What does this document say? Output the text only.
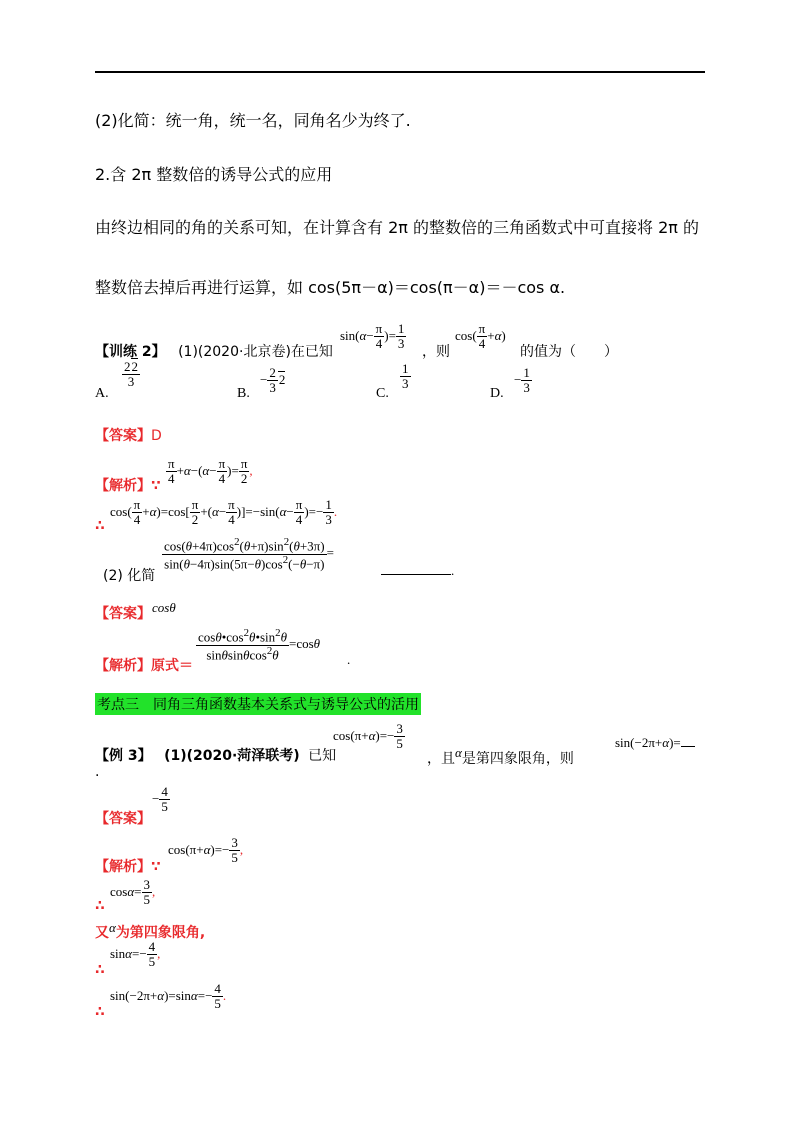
(2)化简：统一角，统一名，同角名少为终了.
2.含 2π 整数倍的诱导公式的应用
由终边相同的角的关系可知，在计算含有 2π 的整数倍的三角函数式中可直接将 2π 的
整数倍去掉后再进行运算，如 cos(5π－α)＝cos(π－α)＝－cos α.
【训练 2】 (1)(2020·北京卷)在已知
$\sin(\alpha- \frac{\pi}{4}$ )= $\frac{1}{3}$
，则
$\cos( \frac{\pi}{4} +\alpha)$
的值为（　　）
A.
$\frac{22}{3}$
B.
− $\frac{2}{3} 2$
C.
$\frac{1}{3}$
D.
− $\frac{1}{3}$
【答案】D
【解析】∵ $\frac{\pi}{4} +\alpha-(\alpha- \frac{\pi}{4}$ )= $\frac{\pi}{2}$ ,
∴
$\cos( \frac{\pi}{4} +\alpha)=\cos[ \frac{\pi}{2} +(\alpha- \frac{\pi}{4} )]=-\sin(\alpha- \frac{\pi}{4}$ )=− $\frac{1}{3}$ .
(2) 化简
$\frac{\cos(\theta+4\pi)\cos^2(\theta+\pi)\sin^2(\theta+3\pi)}{\sin(\theta-4\pi)\sin(5\pi-\theta)\cos^2(-\theta-\pi)}$ =
.
【答案】 cosθ
【解析】原式＝
$\frac{\cos\theta•\cos^2\theta•\sin^2\theta}{\sin\theta\sin\theta\cos^2\theta} =\cos\theta$
.
考点三　同角三角函数基本关系式与诱导公式的活用
【例 3】 (1)(2020·菏泽联考) 已知
$\cos(\pi+\alpha)=- \frac{3}{5}$
，且α是第四象限角，则
sin(−2π+α)=
.
【答案】
− $\frac{4}{5}$
【解析】∵
$\cos(\pi+\alpha)=- \frac{3}{5}$ ,
∴
$\cos\alpha= \frac{3}{5}$ ,
又α为第四象限角,
∴
$\sin\alpha=- \frac{4}{5}$ ,
∴
$\sin(-2\pi+\alpha)=\sin\alpha=- \frac{4}{5}$ .
